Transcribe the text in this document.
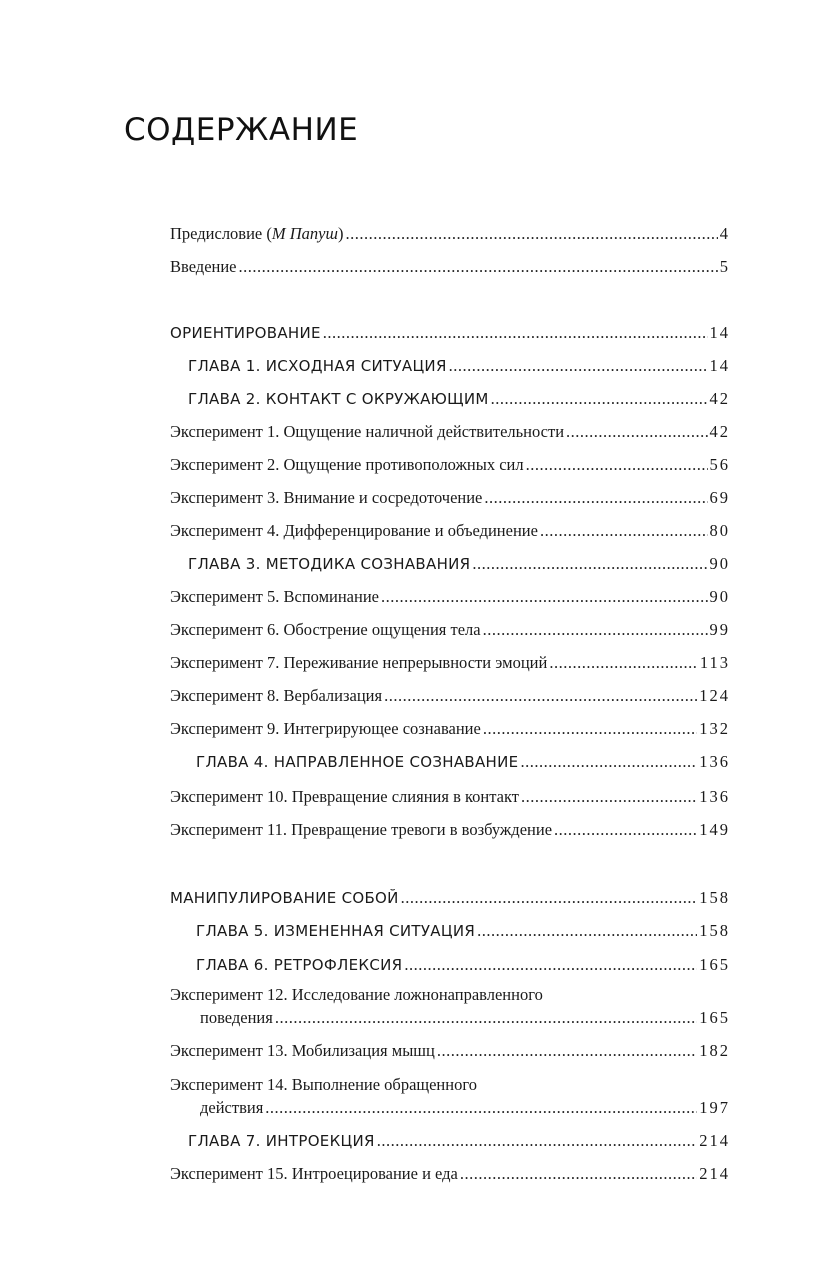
СОДЕРЖАНИЕ
Предисловие (М Папуш) .....	4
Введение .....	5
ОРИЕНТИРОВАНИЕ .....	14
ГЛАВА 1. ИСХОДНАЯ СИТУАЦИЯ .....	14
ГЛАВА 2. КОНТАКТ С ОКРУЖАЮЩИМ .....	42
Эксперимент 1. Ощущение наличной действительности .....	42
Эксперимент 2. Ощущение противоположных сил .....	56
Эксперимент 3. Внимание и сосредоточение .....	69
Эксперимент 4. Дифференцирование и объединение .....	80
ГЛАВА 3. МЕТОДИКА СОЗНАВАНИЯ .....	90
Эксперимент 5. Вспоминание .....	90
Эксперимент 6. Обострение ощущения тела .....	99
Эксперимент 7. Переживание непрерывности эмоций .....	113
Эксперимент 8. Вербализация .....	124
Эксперимент 9. Интегрирующее сознавание .....	132
ГЛАВА 4. НАПРАВЛЕННОЕ СОЗНАВАНИЕ .....	136
Эксперимент 10. Превращение слияния в контакт .....	136
Эксперимент 11. Превращение тревоги в возбуждение .....	149
МАНИПУЛИРОВАНИЕ СОБОЙ .....	158
ГЛАВА 5. ИЗМЕНЕННАЯ СИТУАЦИЯ .....	158
ГЛАВА 6. РЕТРОФЛЕКСИЯ .....	165
Эксперимент 12. Исследование ложнонаправленного
поведения .....	165
Эксперимент 13. Мобилизация мышц .....	182
Эксперимент 14. Выполнение обращенного
действия .....	197
ГЛАВА 7. ИНТРОЕКЦИЯ .....	214
Эксперимент 15. Интроецирование и еда .....	214
